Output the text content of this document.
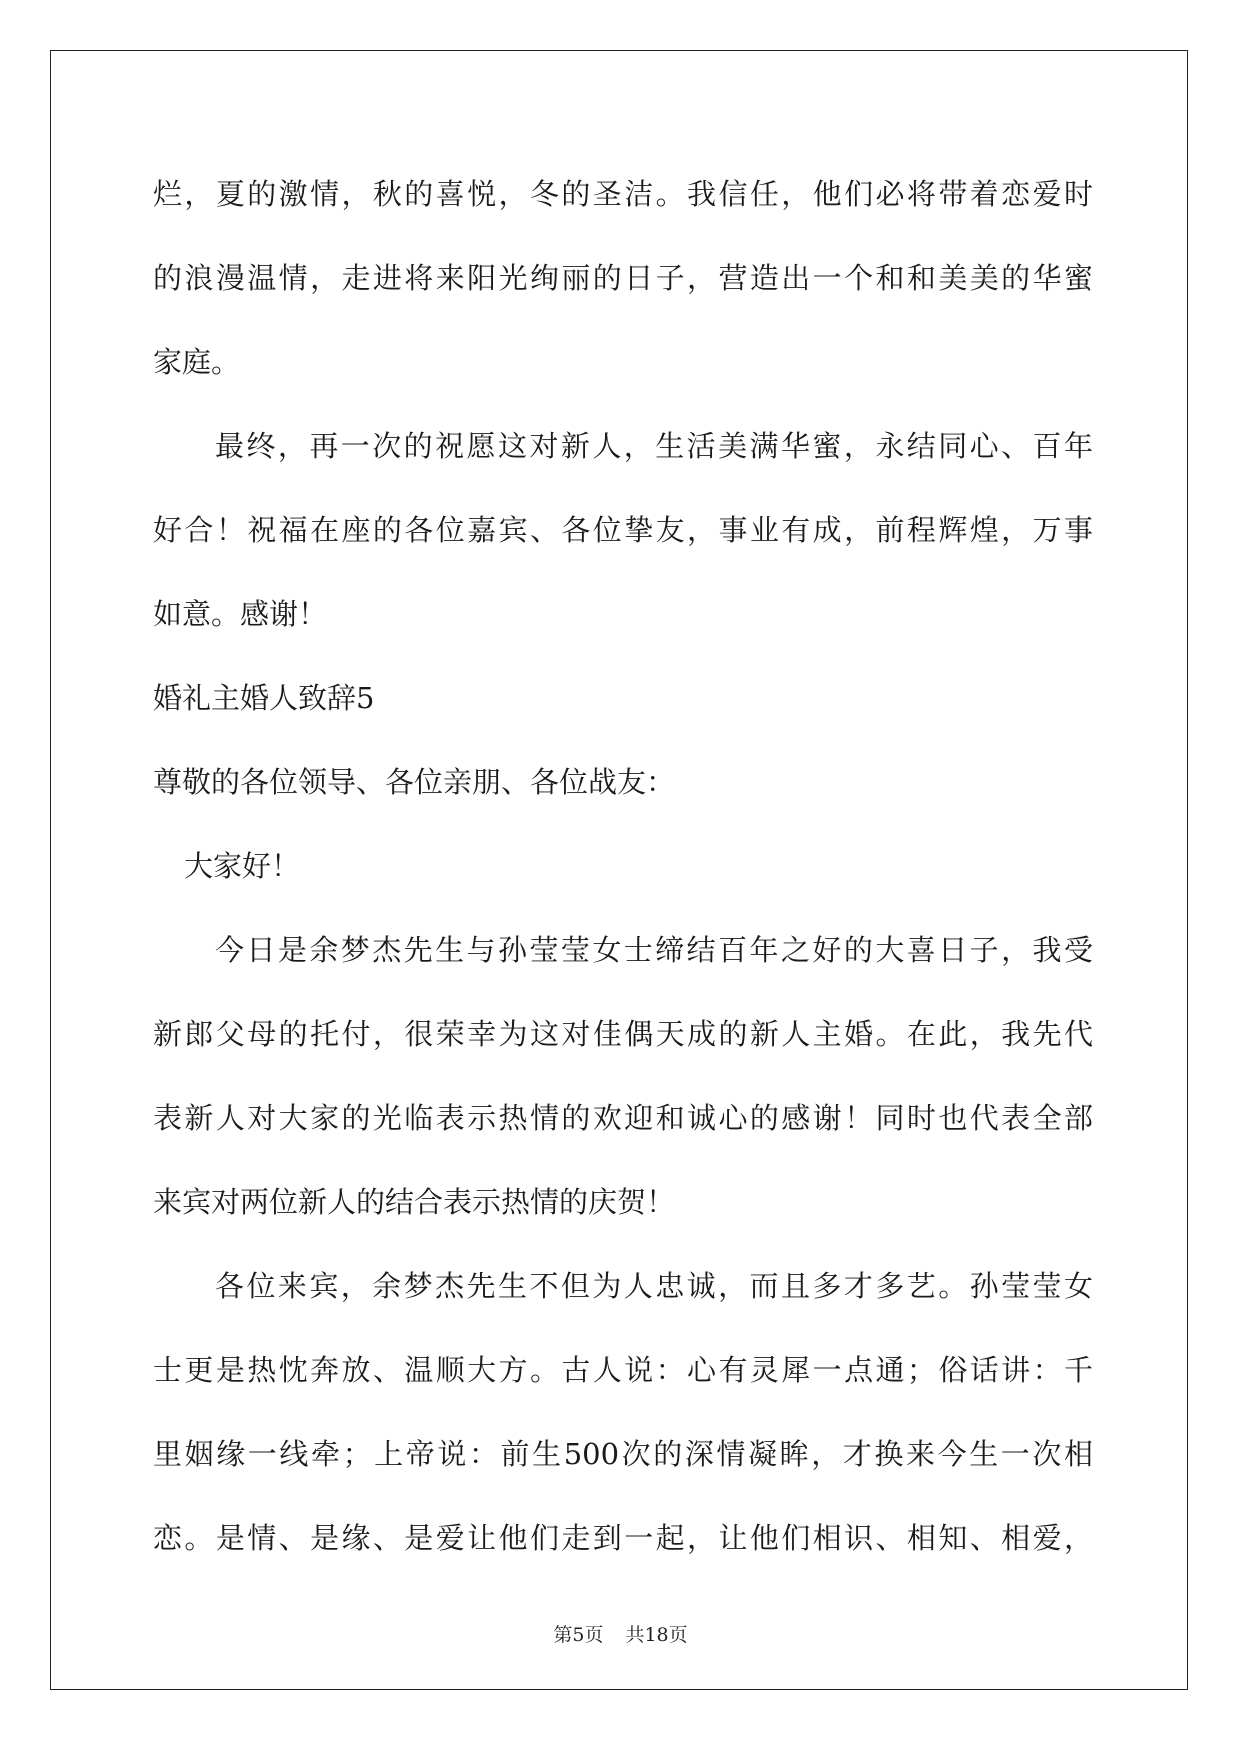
烂，夏的激情，秋的喜悦，冬的圣洁。我信任，他们必将带着恋爱时
的浪漫温情，走进将来阳光绚丽的日子，营造出一个和和美美的华蜜
家庭。
最终，再一次的祝愿这对新人，生活美满华蜜，永结同心、百年
好合！祝福在座的各位嘉宾、各位挚友，事业有成，前程辉煌，万事
如意。感谢！
婚礼主婚人致辞5
尊敬的各位领导、各位亲朋、各位战友：
大家好！
今日是余梦杰先生与孙莹莹女士缔结百年之好的大喜日子，我受
新郎父母的托付，很荣幸为这对佳偶天成的新人主婚。在此，我先代
表新人对大家的光临表示热情的欢迎和诚心的感谢！同时也代表全部
来宾对两位新人的结合表示热情的庆贺！
各位来宾，余梦杰先生不但为人忠诚，而且多才多艺。孙莹莹女
士更是热忱奔放、温顺大方。古人说：心有灵犀一点通；俗话讲：千
里姻缘一线牵；上帝说：前生500次的深情凝眸，才换来今生一次相
恋。是情、是缘、是爱让他们走到一起，让他们相识、相知、相爱，
第5页 共18页
